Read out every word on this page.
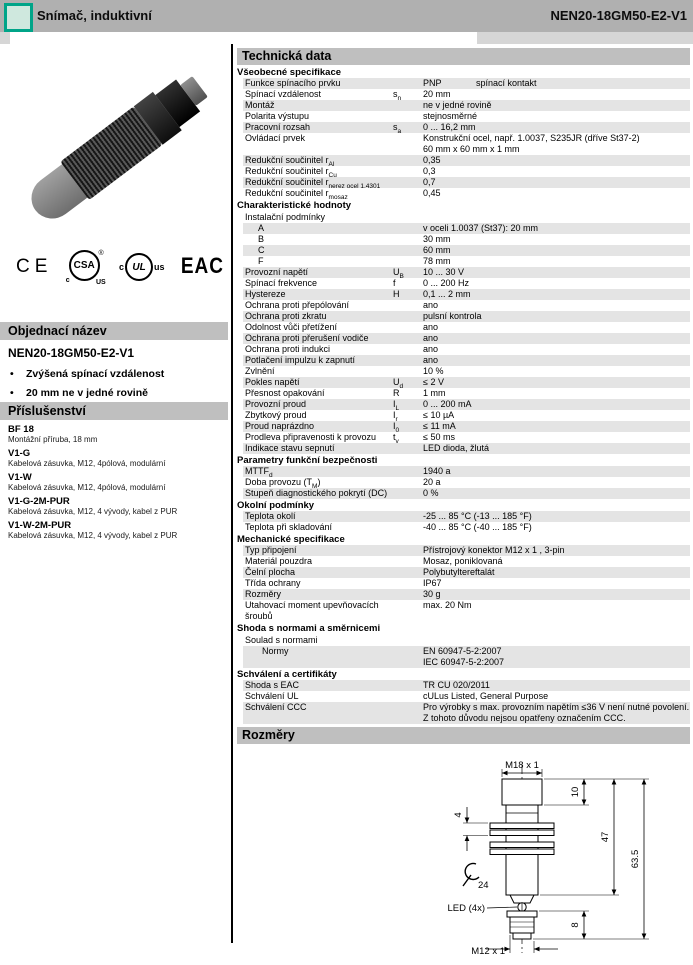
Snímač, induktivní	NEN20-18GM50-E2-V1
CE	CSA
®
c	US
c UL us EAC
Objednací název
NEN20-18GM50-E2-V1
•	Zvýšená spínací vzdálenost
•	20 mm ne v jedné rovině
Příslušenství
BF 18
Montážní příruba, 18 mm
V1-G
Kabelová zásuvka, M12, 4pólová, modulární
V1-W
Kabelová zásuvka, M12, 4pólová, modulární
V1-G-2M-PUR
Kabelová zásuvka, M12, 4 vývody, kabel z PUR
V1-W-2M-PUR
Kabelová zásuvka, M12, 4 vývody, kabel z PUR
Technická data
Všeobecné specifikace
Funkce spínacího prvku	PNP	spínací kontakt
Spínací vzdálenost	$s_n$	20 mm
Montáž	ne v jedné rovině
Polarita výstupu	stejnosměrné
Pracovní rozsah	$s_a$	0 ... 16,2 mm
Ovládací prvek	Konstrukční ocel, např. 1.0037, S235JR (dříve St37-2)
60 mm x 60 mm x 1 mm
Redukční součinitel $r_{Al}$	0,35
Redukční součinitel $r_{Cu}$	0,3
Redukční součinitel $r_{nerez ocel 1.4301}$	0,7
Redukční součinitel $r_{mosaz}$	0,45
Charakteristické hodnoty
Instalační podmínky
A	v oceli 1.0037 (St37): 20 mm
B	30 mm
C	60 mm
F	78 mm
Provozní napětí	$U_B$	10 ... 30 V
Spínací frekvence	f	0 ... 200 Hz
Hystereze	H	0,1 ... 2 mm
Ochrana proti přepólování	ano
Ochrana proti zkratu	pulsní kontrola
Odolnost vůči přetížení	ano
Ochrana proti přerušení vodiče	ano
Ochrana proti indukci	ano
Potlačení impulzu k zapnutí	ano
Zvlnění	10 %
Pokles napětí	$U_d$	≤ 2 V
Přesnost opakování	R	1 mm
Provozní proud	$I_L$	0 ... 200 mA
Zbytkový proud	$I_r$	≤ 10 µA
Proud naprázdno	$I_0$	≤ 11 mA
Prodleva připravenosti k provozu	$t_v$	≤ 50 ms
Indikace stavu sepnutí	LED dioda, žlutá
Parametry funkční bezpečnosti
$MTTF_d$	1940 a
Doba provozu $(T_M)$	20 a
Stupeň diagnostického pokrytí (DC)	0 %
Okolní podmínky
Teplota okolí	-25 ... 85 °C (-13 ... 185 °F)
Teplota při skladování	-40 ... 85 °C (-40 ... 185 °F)
Mechanické specifikace
Typ připojení	Přístrojový konektor M12 x 1 , 3-pin
Materiál pouzdra	Mosaz, poniklovaná
Čelní plocha	Polybutyltereftalát
Třída ochrany	IP67
Rozměry	30 g
Utahovací moment upevňovacích šroubů
max. 20 Nm
Shoda s normami a směrnicemi
Soulad s normami
Normy	EN 60947-5-2:2007
IEC 60947-5-2:2007
Schválení a certifikáty
Shoda s EAC	TR CU 020/2011
Schválení UL	cULus Listed, General Purpose
Schválení CCC	Pro výrobky s max. provozním napětím ≤36 V není nutné povolení.
Z tohoto důvodu nejsou opatřeny označením CCC.
Rozměry
M18 x 1
10
47
63.5
4
8
24
LED (4x)
M12 x 1
